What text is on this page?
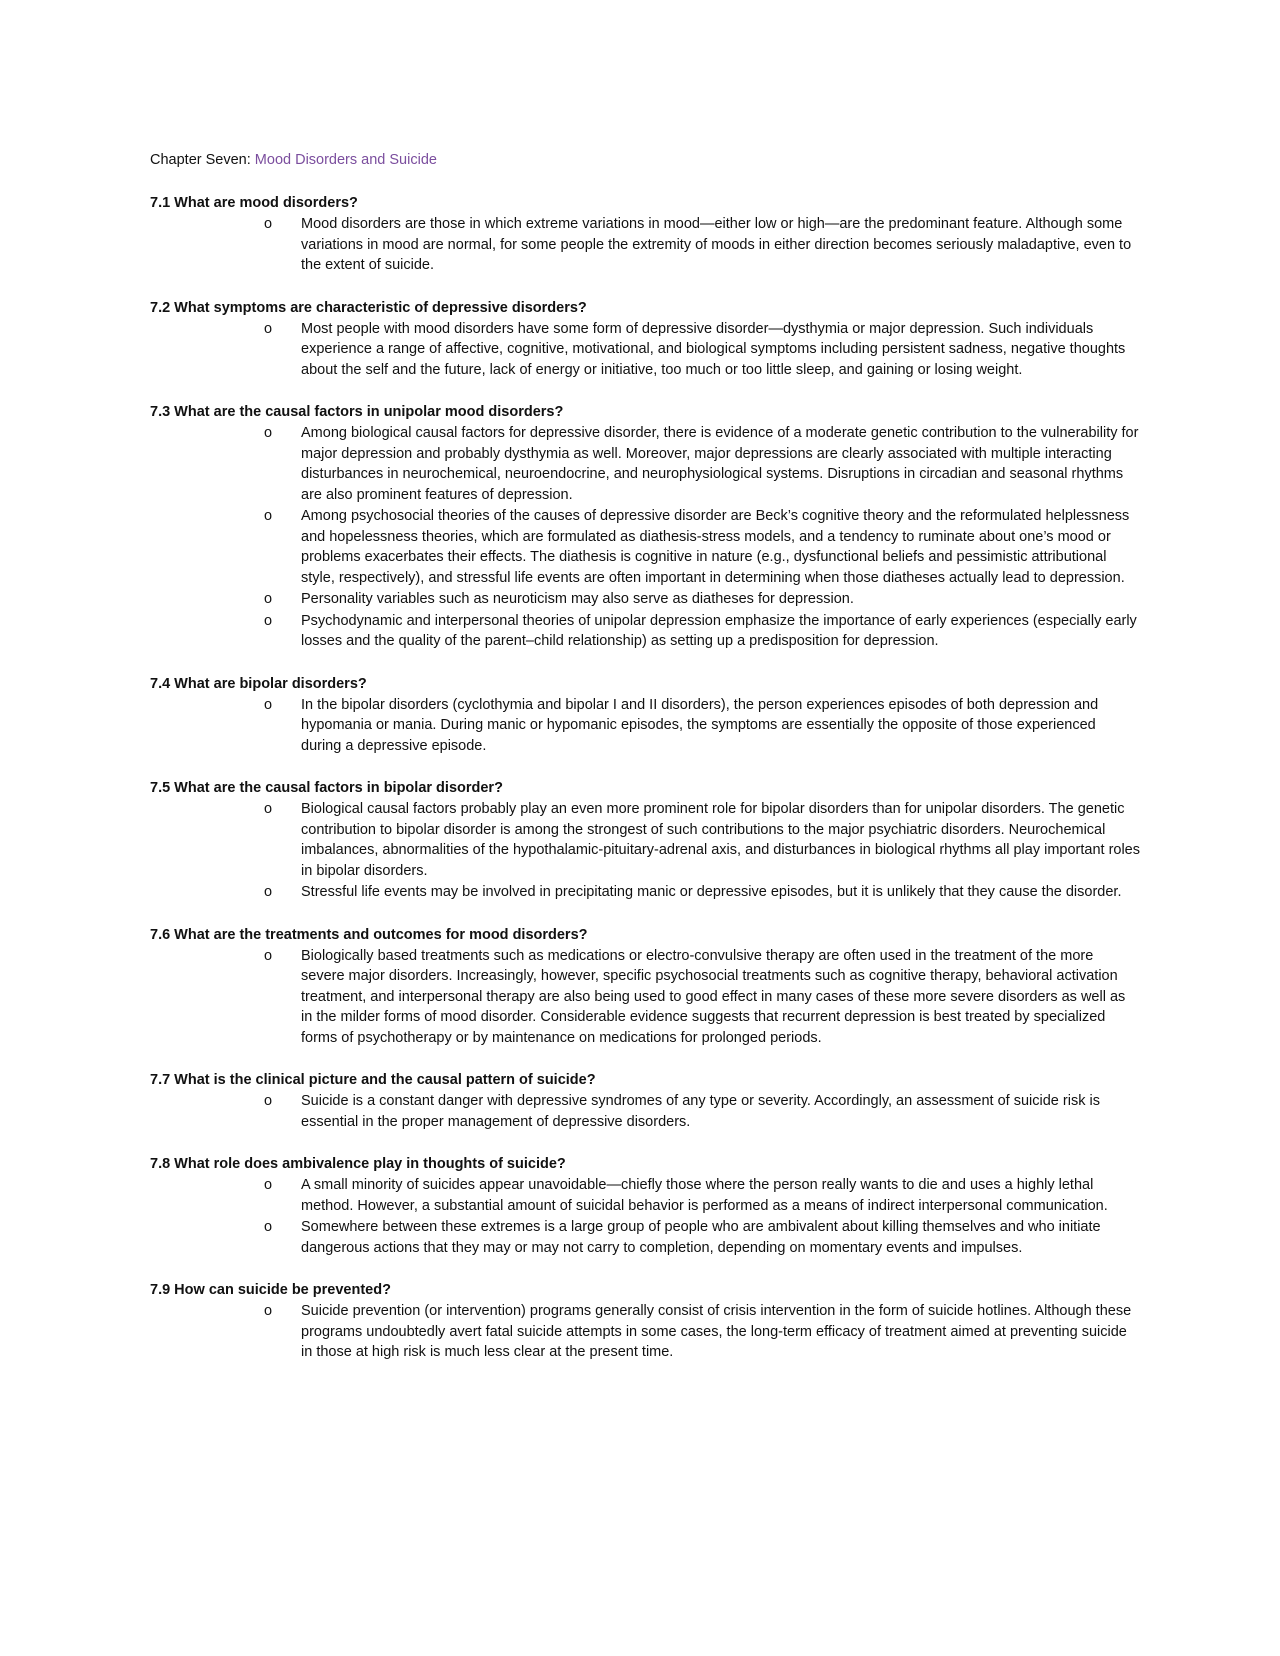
Chapter Seven: Mood Disorders and Suicide

7.1 What are mood disorders?

o Mood disorders are those in which extreme variations in mood—either low or high—are the predominant feature. Although some variations in mood are normal, for some people the extremity of moods in either direction becomes seriously maladaptive, even to the extent of suicide.

7.2 What symptoms are characteristic of depressive disorders?

o Most people with mood disorders have some form of depressive disorder—dysthymia or major depression. Such individuals experience a range of affective, cognitive, motivational, and biological symptoms including persistent sadness, negative thoughts about the self and the future, lack of energy or initiative, too much or too little sleep, and gaining or losing weight.

7.3 What are the causal factors in unipolar mood disorders?

o Among biological causal factors for depressive disorder, there is evidence of a moderate genetic contribution to the vulnerability for major depression and probably dysthymia as well. Moreover, major depressions are clearly associated with multiple interacting disturbances in neurochemical, neuroendocrine, and neurophysiological systems. Disruptions in circadian and seasonal rhythms are also prominent features of depression.
o Among psychosocial theories of the causes of depressive disorder are Beck’s cognitive theory and the reformulated helplessness and hopelessness theories, which are formulated as diathesis-stress models, and a tendency to ruminate about one’s mood or problems exacerbates their effects. The diathesis is cognitive in nature (e.g., dysfunctional beliefs and pessimistic attributional style, respectively), and stressful life events are often important in determining when those diatheses actually lead to depression.
o Personality variables such as neuroticism may also serve as diatheses for depression.
o Psychodynamic and interpersonal theories of unipolar depression emphasize the importance of early experiences (especially early losses and the quality of the parent–child relationship) as setting up a predisposition for depression.

7.4 What are bipolar disorders?

o In the bipolar disorders (cyclothymia and bipolar I and II disorders), the person experiences episodes of both depression and hypomania or mania. During manic or hypomanic episodes, the symptoms are essentially the opposite of those experienced during a depressive episode.

7.5 What are the causal factors in bipolar disorder?

o Biological causal factors probably play an even more prominent role for bipolar disorders than for unipolar disorders. The genetic contribution to bipolar disorder is among the strongest of such contributions to the major psychiatric disorders. Neurochemical imbalances, abnormalities of the hypothalamic-pituitary-adrenal axis, and disturbances in biological rhythms all play important roles in bipolar disorders.
o Stressful life events may be involved in precipitating manic or depressive episodes, but it is unlikely that they cause the disorder.

7.6 What are the treatments and outcomes for mood disorders?

o Biologically based treatments such as medications or electro-convulsive therapy are often used in the treatment of the more severe major disorders. Increasingly, however, specific psychosocial treatments such as cognitive therapy, behavioral activation treatment, and interpersonal therapy are also being used to good effect in many cases of these more severe disorders as well as in the milder forms of mood disorder. Considerable evidence suggests that recurrent depression is best treated by specialized forms of psychotherapy or by maintenance on medications for prolonged periods.

7.7 What is the clinical picture and the causal pattern of suicide?

o Suicide is a constant danger with depressive syndromes of any type or severity. Accordingly, an assessment of suicide risk is essential in the proper management of depressive disorders.

7.8 What role does ambivalence play in thoughts of suicide?

o A small minority of suicides appear unavoidable—chiefly those where the person really wants to die and uses a highly lethal method. However, a substantial amount of suicidal behavior is performed as a means of indirect interpersonal communication.
o Somewhere between these extremes is a large group of people who are ambivalent about killing themselves and who initiate dangerous actions that they may or may not carry to completion, depending on momentary events and impulses.

7.9 How can suicide be prevented?

o Suicide prevention (or intervention) programs generally consist of crisis intervention in the form of suicide hotlines. Although these programs undoubtedly avert fatal suicide attempts in some cases, the long-term efficacy of treatment aimed at preventing suicide in those at high risk is much less clear at the present time.
